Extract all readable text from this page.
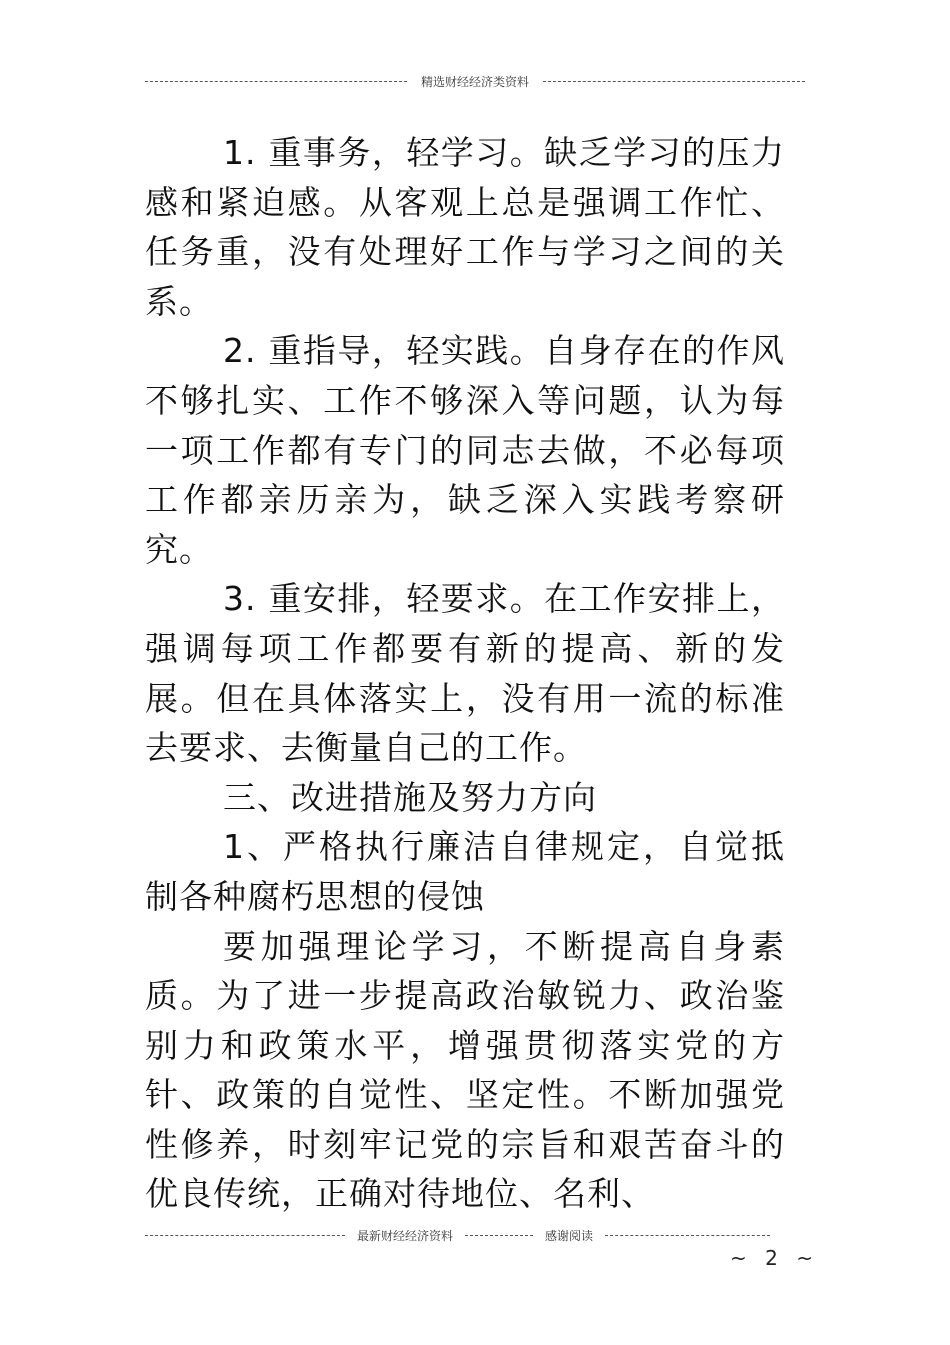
精选财经经济类资料

1. 重事务，轻学习。缺乏学习的压力感和紧迫感。从客观上总是强调工作忙、任务重，没有处理好工作与学习之间的关系。

2. 重指导，轻实践。自身存在的作风不够扎实、工作不够深入等问题，认为每一项工作都有专门的同志去做，不必每项工作都亲历亲为，缺乏深入实践考察研究。

3. 重安排，轻要求。在工作安排上，强调每项工作都要有新的提高、新的发展。但在具体落实上，没有用一流的标准去要求、去衡量自己的工作。

三、改进措施及努力方向

1、严格执行廉洁自律规定，自觉抵制各种腐朽思想的侵蚀

要加强理论学习，不断提高自身素质。为了进一步提高政治敏锐力、政治鉴别力和政策水平，增强贯彻落实党的方针、政策的自觉性、坚定性。不断加强党性修养，时刻牢记党的宗旨和艰苦奋斗的优良传统，正确对待地位、名利、

最新财经经济资料	感谢阅读
~ 2 ~
